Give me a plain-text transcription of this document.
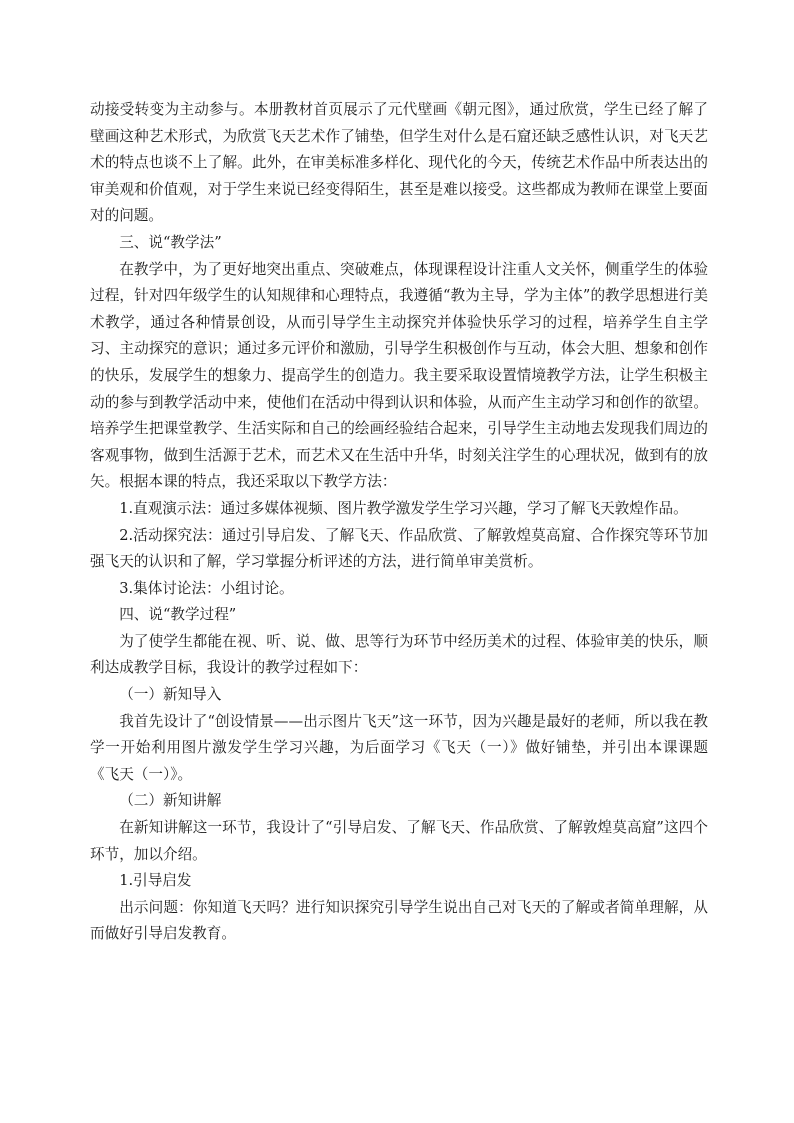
动接受转变为主动参与。本册教材首页展示了元代壁画《朝元图》，通过欣赏，学生已经了解了壁画这种艺术形式，为欣赏飞天艺术作了铺垫，但学生对什么是石窟还缺乏感性认识，对飞天艺术的特点也谈不上了解。此外，在审美标准多样化、现代化的今天，传统艺术作品中所表达出的审美观和价值观，对于学生来说已经变得陌生，甚至是难以接受。这些都成为教师在课堂上要面对的问题。

三、说“教学法”

在教学中，为了更好地突出重点、突破难点，体现课程设计注重人文关怀，侧重学生的体验过程，针对四年级学生的认知规律和心理特点，我遵循“教为主导，学为主体”的教学思想进行美术教学，通过各种情景创设，从而引导学生主动探究并体验快乐学习的过程，培养学生自主学习、主动探究的意识；通过多元评价和激励，引导学生积极创作与互动，体会大胆、想象和创作的快乐，发展学生的想象力、提高学生的创造力。我主要采取设置情境教学方法，让学生积极主动的参与到教学活动中来，使他们在活动中得到认识和体验，从而产生主动学习和创作的欲望。培养学生把课堂教学、生活实际和自己的绘画经验结合起来，引导学生主动地去发现我们周边的客观事物，做到生活源于艺术，而艺术又在生活中升华，时刻关注学生的心理状况，做到有的放矢。根据本课的特点，我还采取以下教学方法：

1.直观演示法：通过多媒体视频、图片教学激发学生学习兴趣，学习了解飞天敦煌作品。

2.活动探究法：通过引导启发、了解飞天、作品欣赏、了解敦煌莫高窟、合作探究等环节加强飞天的认识和了解，学习掌握分析评述的方法，进行简单审美赏析。

3.集体讨论法：小组讨论。

四、说“教学过程”

为了使学生都能在视、听、说、做、思等行为环节中经历美术的过程、体验审美的快乐，顺利达成教学目标，我设计的教学过程如下：

（一）新知导入

我首先设计了“创设情景——出示图片飞天”这一环节，因为兴趣是最好的老师，所以我在教学一开始利用图片激发学生学习兴趣，为后面学习《飞天（一）》做好铺垫，并引出本课课题《飞天（一）》。

（二）新知讲解

在新知讲解这一环节，我设计了“引导启发、了解飞天、作品欣赏、了解敦煌莫高窟”这四个环节，加以介绍。

1.引导启发

出示问题：你知道飞天吗？进行知识探究引导学生说出自己对飞天的了解或者简单理解，从而做好引导启发教育。
